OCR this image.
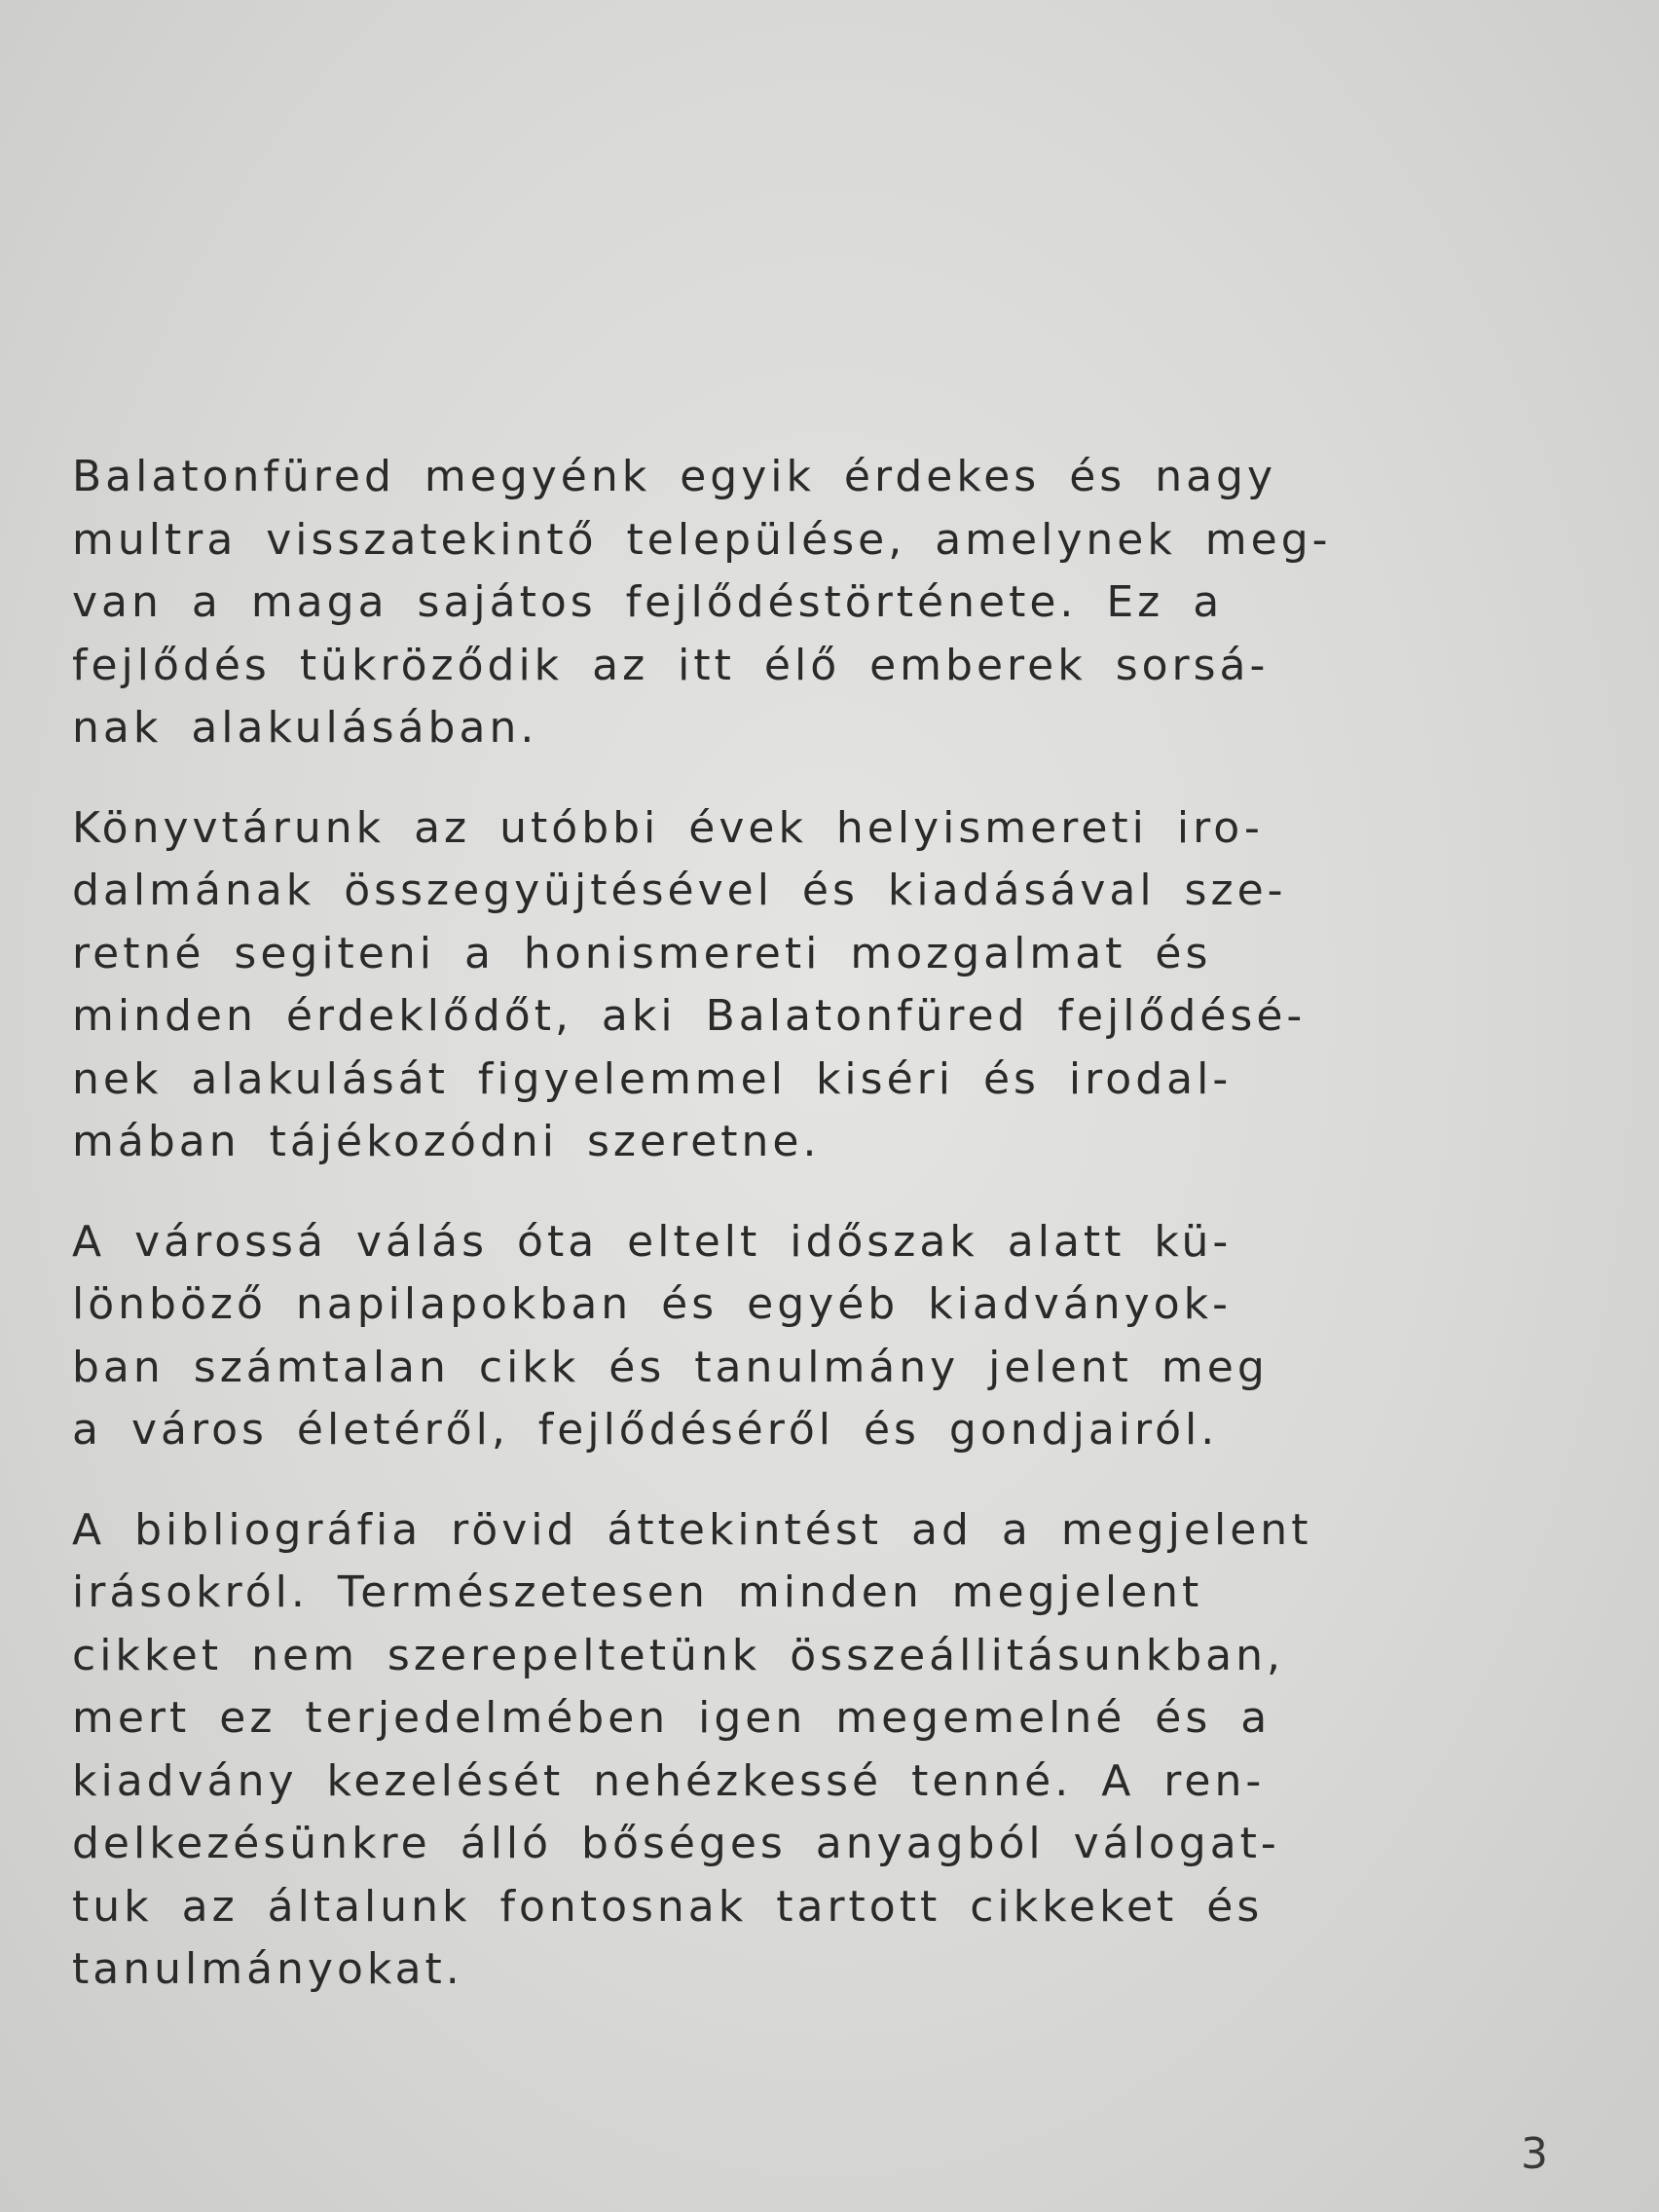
Balatonfüred megyénk egyik érdekes és nagy
multra visszatekintő települése, amelynek meg-
van a maga sajátos fejlődéstörténete. Ez a
fejlődés tükröződik az itt élő emberek sorsá-
nak alakulásában.

Könyvtárunk az utóbbi évek helyismereti iro-
dalmának összegyüjtésével és kiadásával sze-
retné segiteni a honismereti mozgalmat és
minden érdeklődőt, aki Balatonfüred fejlődésé-
nek alakulását figyelemmel kiséri és irodal-
mában tájékozódni szeretne.

A várossá válás óta eltelt időszak alatt kü-
lönböző napilapokban és egyéb kiadványok-
ban számtalan cikk és tanulmány jelent meg
a város életéről, fejlődéséről és gondjairól.

A bibliográfia rövid áttekintést ad a megjelent
irásokról. Természetesen minden megjelent
cikket nem szerepeltetünk összeállitásunkban,
mert ez terjedelmében igen megemelné és a
kiadvány kezelését nehézkessé tenné. A ren-
delkezésünkre álló bőséges anyagból válogat-
tuk az általunk fontosnak tartott cikkeket és
tanulmányokat.

3
